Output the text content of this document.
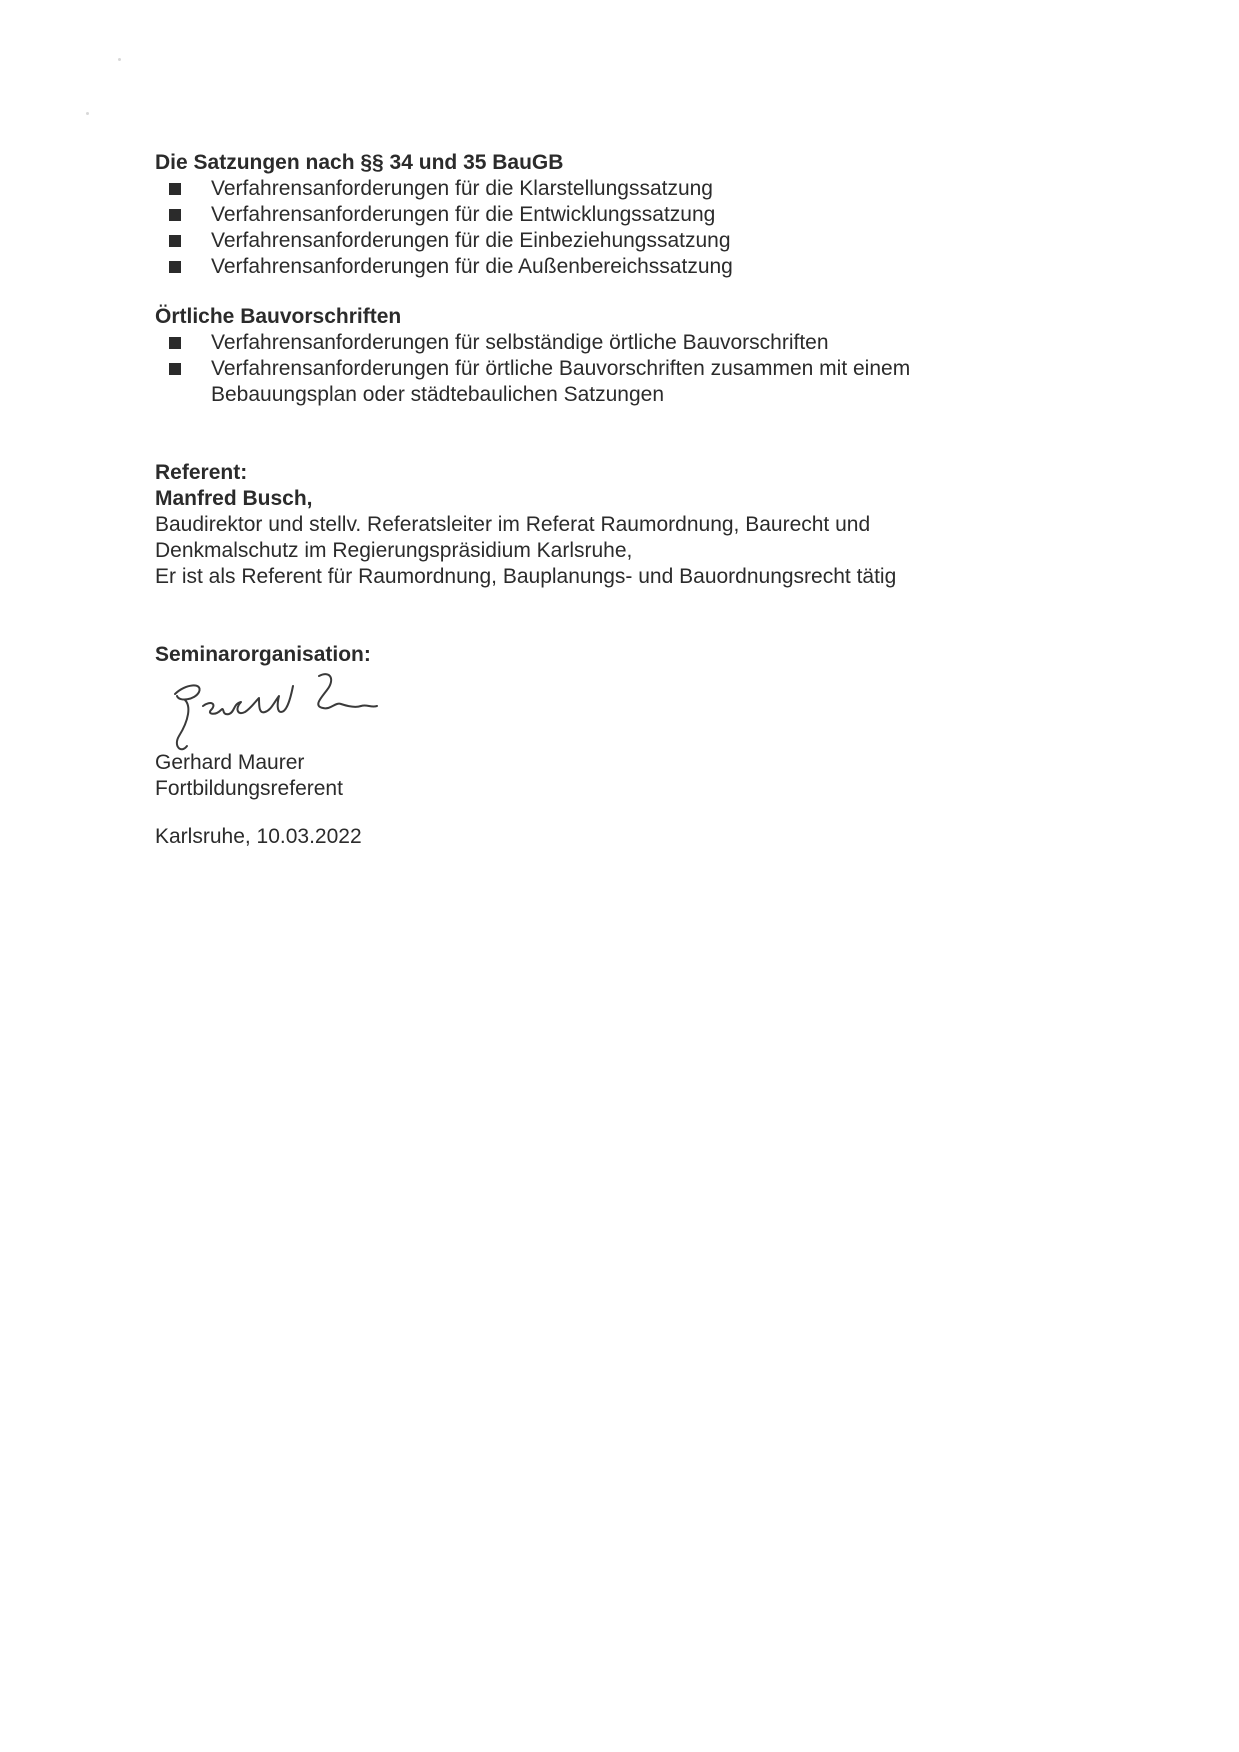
Die Satzungen nach §§ 34 und 35 BauGB

Verfahrensanforderungen für die Klarstellungssatzung
Verfahrensanforderungen für die Entwicklungssatzung
Verfahrensanforderungen für die Einbeziehungssatzung
Verfahrensanforderungen für die Außenbereichssatzung

Örtliche Bauvorschriften

Verfahrensanforderungen für selbständige örtliche Bauvorschriften
Verfahrensanforderungen für örtliche Bauvorschriften zusammen mit einem Bebauungsplan oder städtebaulichen Satzungen
Referent:
Manfred Busch,
Baudirektor und stellv. Referatsleiter im Referat Raumordnung, Baurecht und Denkmalschutz im Regierungspräsidium Karlsruhe,
Er ist als Referent für Raumordnung, Bauplanungs- und Bauordnungsrecht tätig
Seminarorganisation:
Gerhard Maurer
Fortbildungsreferent
Karlsruhe, 10.03.2022
